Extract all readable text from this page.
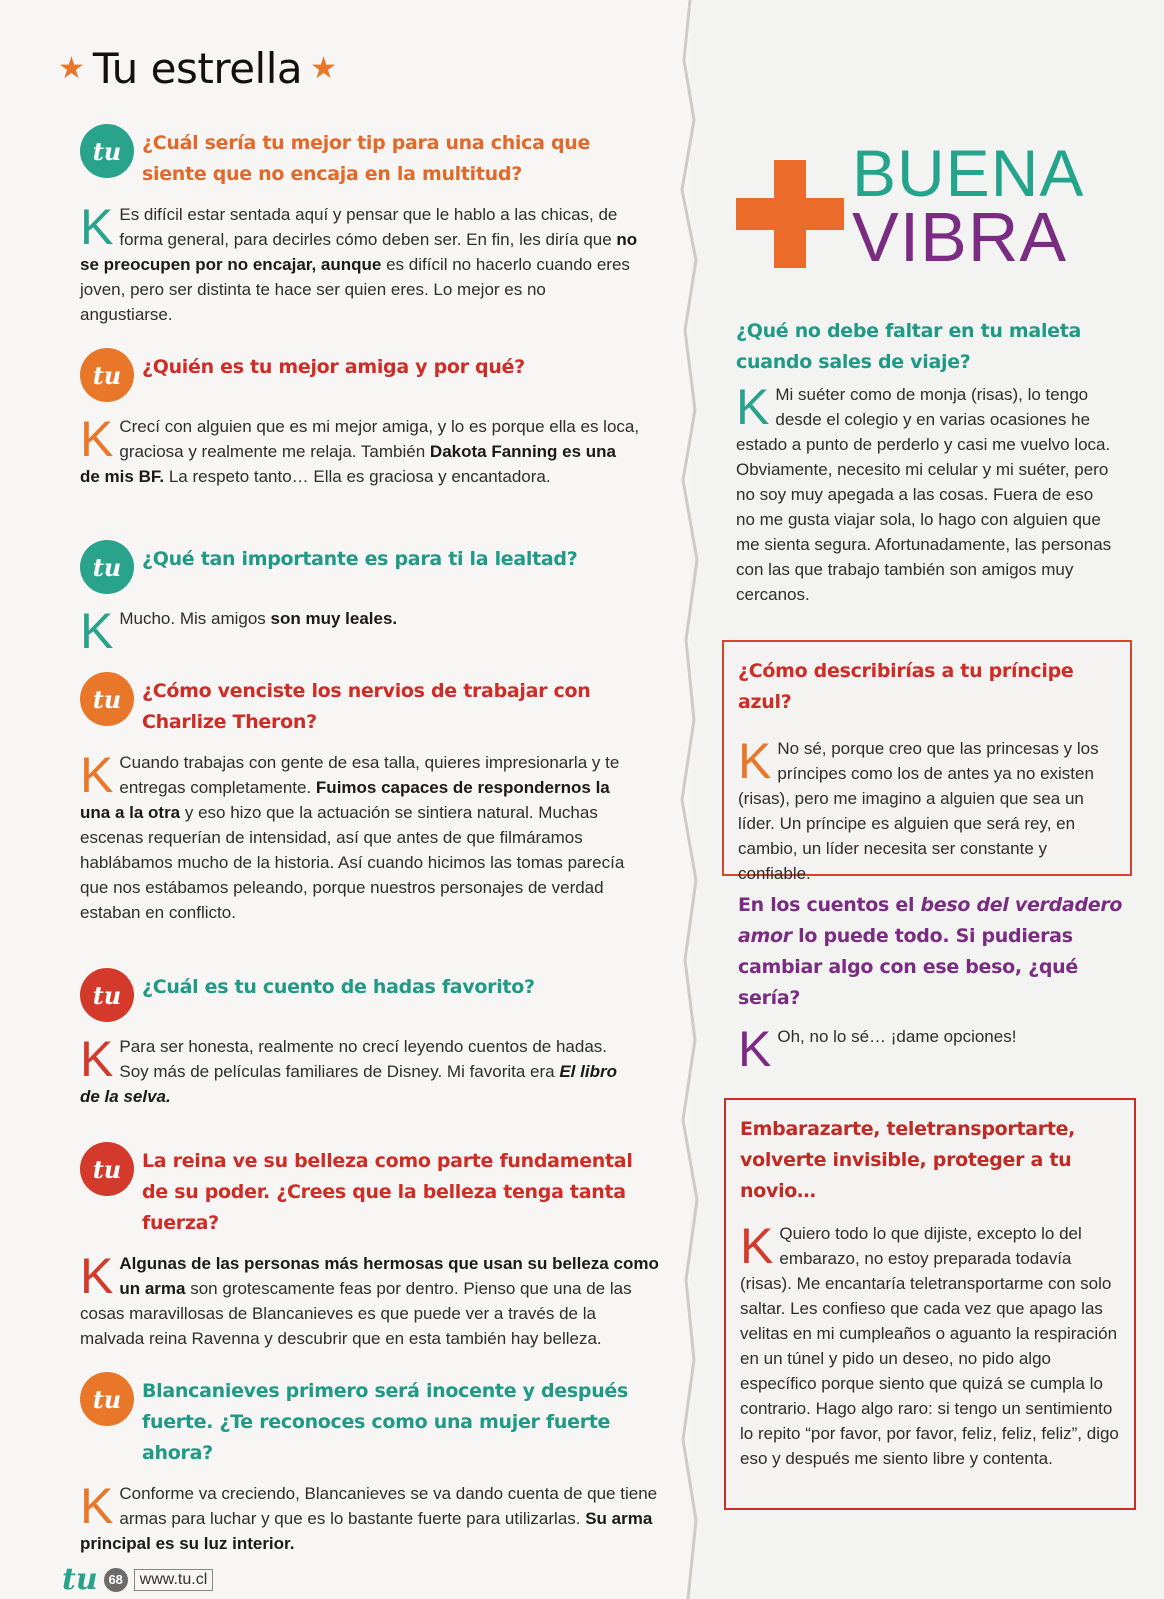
★ Tu estrella ★
tu	¿Cuál sería tu mejor tip para una chica que siente que no encaja en la multitud?
K Es difícil estar sentada aquí y pensar que le hablo a las chicas, de forma general, para decirles cómo deben ser. En fin, les diría que no se preocupen por no encajar, aunque es difícil no hacerlo cuando eres joven, pero ser distinta te hace ser quien eres. Lo mejor es no angustiarse.
tu	¿Quién es tu mejor amiga y por qué?
K Crecí con alguien que es mi mejor amiga, y lo es porque ella es loca, graciosa y realmente me relaja. También Dakota Fanning es una de mis BF. La respeto tanto… Ella es graciosa y encantadora.
tu	¿Qué tan importante es para ti la lealtad?
K Mucho. Mis amigos son muy leales.
tu	¿Cómo venciste los nervios de trabajar con Charlize Theron?
K Cuando trabajas con gente de esa talla, quieres impresionarla y te entregas completamente. Fuimos capaces de respondernos la una a la otra y eso hizo que la actuación se sintiera natural. Muchas escenas requerían de intensidad, así que antes de que filmáramos hablábamos mucho de la historia. Así cuando hicimos las tomas parecía que nos estábamos peleando, porque nuestros personajes de verdad estaban en conflicto.
tu	¿Cuál es tu cuento de hadas favorito?
K Para ser honesta, realmente no crecí leyendo cuentos de hadas. Soy más de películas familiares de Disney. Mi favorita era El libro de la selva.
tu	La reina ve su belleza como parte fundamental de su poder. ¿Crees que la belleza tenga tanta fuerza?
K Algunas de las personas más hermosas que usan su belleza como un arma son grotescamente feas por dentro. Pienso que una de las cosas maravillosas de Blancanieves es que puede ver a través de la malvada reina Ravenna y descubrir que en esta también hay belleza.
tu	Blancanieves primero será inocente y después fuerte. ¿Te reconoces como una mujer fuerte ahora?
K Conforme va creciendo, Blancanieves se va dando cuenta de que tiene armas para luchar y que es lo bastante fuerte para utilizarlas. Su arma principal es su luz interior.
BUENA
VIBRA
¿Qué no debe faltar en tu maleta cuando sales de viaje?
K Mi suéter como de monja (risas), lo tengo desde el colegio y en varias ocasiones he estado a punto de perderlo y casi me vuelvo loca. Obviamente, necesito mi celular y mi suéter, pero no soy muy apegada a las cosas. Fuera de eso no me gusta viajar sola, lo hago con alguien que me sienta segura. Afortunadamente, las personas con las que trabajo también son amigos muy cercanos.
¿Cómo describirías a tu príncipe azul?
K No sé, porque creo que las princesas y los príncipes como los de antes ya no existen (risas), pero me imagino a alguien que sea un líder. Un príncipe es alguien que será rey, en cambio, un líder necesita ser constante y confiable.
En los cuentos el beso del verdadero amor lo puede todo. Si pudieras cambiar algo con ese beso, ¿qué sería?
K Oh, no lo sé… ¡dame opciones!
Embarazarte, teletransportarte, volverte invisible, proteger a tu novio…
K Quiero todo lo que dijiste, excepto lo del embarazo, no estoy preparada todavía (risas). Me encantaría teletransportarme con solo saltar. Les confieso que cada vez que apago las velitas en mi cumpleaños o aguanto la respiración en un túnel y pido un deseo, no pido algo específico porque siento que quizá se cumpla lo contrario. Hago algo raro: si tengo un sentimiento lo repito “por favor, por favor, feliz, feliz, feliz”, digo eso y después me siento libre y contenta.
tu 68	www.tu.cl
